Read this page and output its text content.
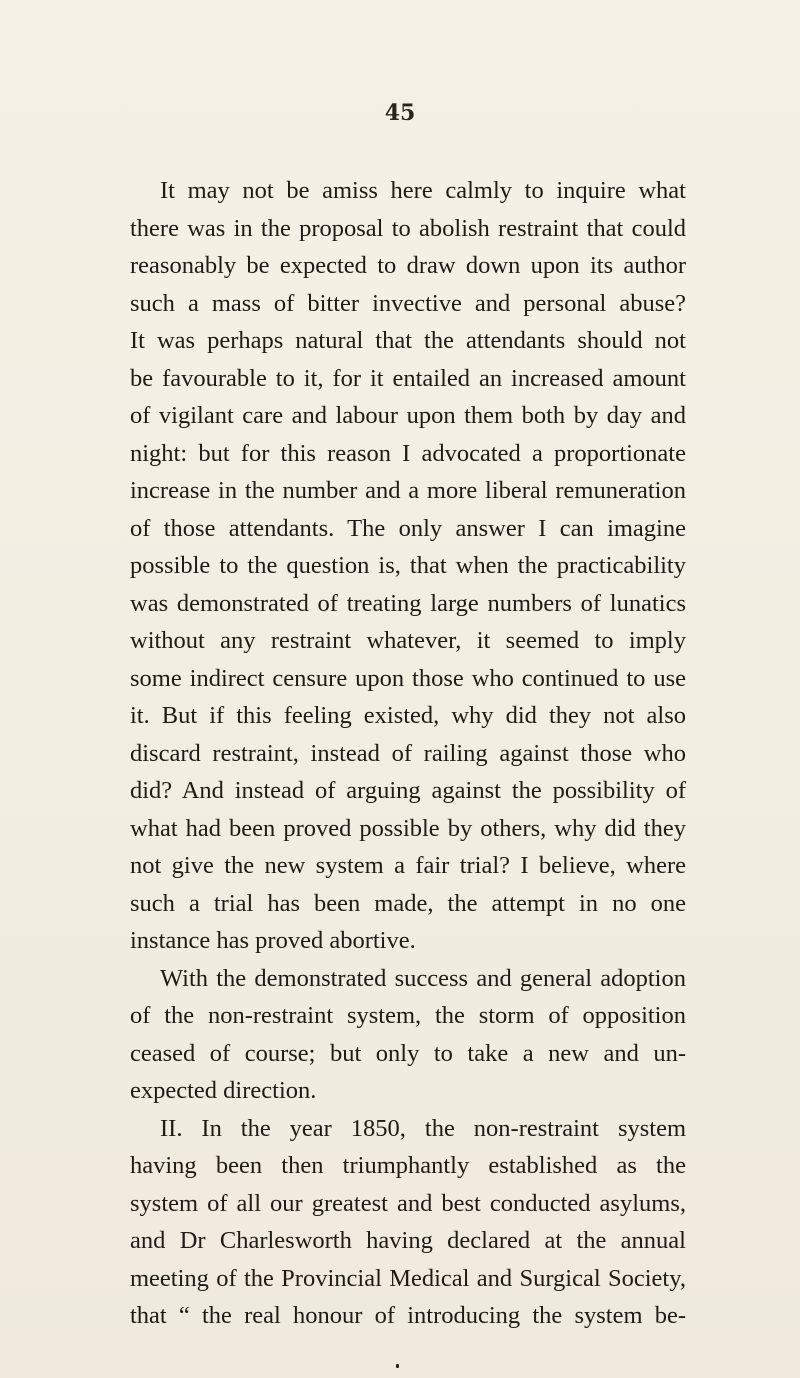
45
It may not be amiss here calmly to inquire what
there was in the proposal to abolish restraint that could
reasonably be expected to draw down upon its author
such a mass of bitter invective and personal abuse?
It was perhaps natural that the attendants should not
be favourable to it, for it entailed an increased amount
of vigilant care and labour upon them both by day and
night: but for this reason I advocated a proportionate
increase in the number and a more liberal remuneration
of those attendants. The only answer I can imagine
possible to the question is, that when the practicability
was demonstrated of treating large numbers of lunatics
without any restraint whatever, it seemed to imply
some indirect censure upon those who continued to use
it. But if this feeling existed, why did they not also
discard restraint, instead of railing against those who
did? And instead of arguing against the possibility of
what had been proved possible by others, why did they
not give the new system a fair trial? I believe, where
such a trial has been made, the attempt in no one
instance has proved abortive.
With the demonstrated success and general adoption
of the non-restraint system, the storm of opposition
ceased of course; but only to take a new and un-
expected direction.
II. In the year 1850, the non-restraint system
having been then triumphantly established as the
system of all our greatest and best conducted asylums,
and Dr Charlesworth having declared at the annual
meeting of the Provincial Medical and Surgical Society,
that “ the real honour of introducing the system be-
